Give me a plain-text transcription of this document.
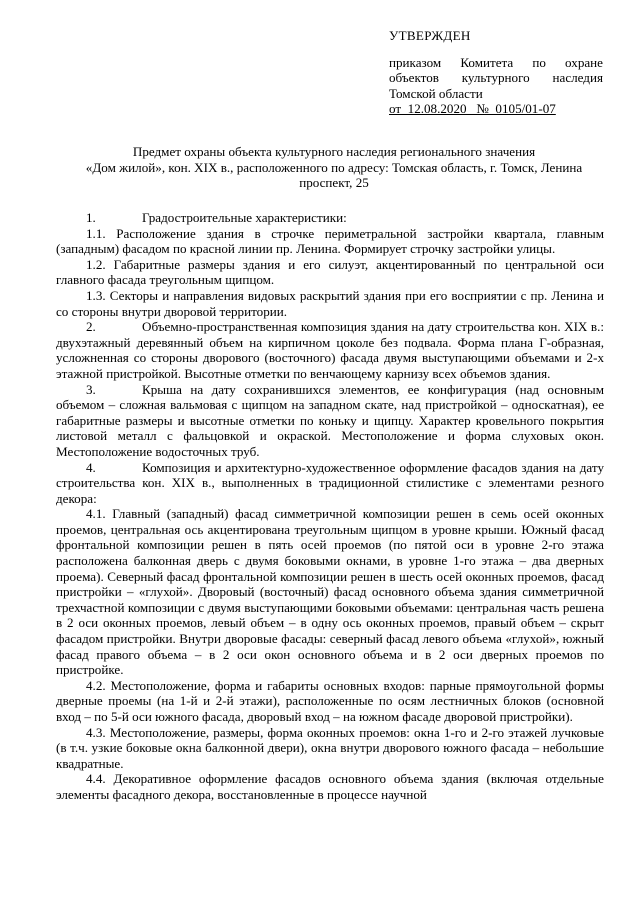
УТВЕРЖДЕН
приказом Комитета по охране
объектов культурного наследия
Томской области
от  12.08.2020   №  0105/01-07
Предмет охраны объекта культурного наследия регионального значения
«Дом жилой», кон. XIX в., расположенного по адресу: Томская область, г. Томск, Ленина
проспект, 25

1.	Градостроительные характеристики:

1.1. Расположение здания в строчке периметральной застройки квартала, главным (западным) фасадом по красной линии пр. Ленина. Формирует строчку застройки улицы.

1.2. Габаритные размеры здания и его силуэт, акцентированный по центральной оси главного фасада треугольным щипцом.

1.3. Секторы и направления видовых раскрытий здания при его восприятии с пр. Ленина и со стороны внутри дворовой территории.

2.	Объемно-пространственная композиция здания на дату строительства кон. XIX в.: двухэтажный деревянный объем на кирпичном цоколе без подвала. Форма плана Г-образная, усложненная со стороны дворового (восточного) фасада двумя выступающими объемами и 2-х этажной пристройкой. Высотные отметки по венчающему карнизу всех объемов здания.

3.	Крыша на дату сохранившихся элементов, ее конфигурация (над основным объемом – сложная вальмовая с щипцом на западном скате, над пристройкой – односкатная), ее габаритные размеры и высотные отметки по коньку и щипцу. Характер кровельного покрытия листовой металл с фальцовкой и окраской. Местоположение и форма слуховых окон. Местоположение водосточных труб.

4.	Композиция и архитектурно-художественное оформление фасадов здания на дату строительства кон. XIX в., выполненных в традиционной стилистике с элементами резного декора:

4.1. Главный (западный) фасад симметричной композиции решен в семь осей оконных проемов, центральная ось акцентирована треугольным щипцом в уровне крыши. Южный фасад фронтальной композиции решен в пять осей проемов (по пятой оси в уровне 2-го этажа расположена балконная дверь с двумя боковыми окнами, в уровне 1-го этажа – два дверных проема). Северный фасад фронтальной композиции решен в шесть осей оконных проемов, фасад пристройки – «глухой». Дворовый (восточный) фасад основного объема здания симметричной трехчастной композиции с двумя выступающими боковыми объемами: центральная часть решена в 2 оси оконных проемов, левый объем – в одну ось оконных проемов, правый объем – скрыт фасадом пристройки. Внутри дворовые фасады: северный фасад левого объема «глухой», южный фасад правого объема – в 2 оси окон основного объема и в 2 оси дверных проемов по пристройке.

4.2. Местоположение, форма и габариты основных входов: парные прямоугольной формы дверные проемы (на 1-й и 2-й этажи), расположенные по осям лестничных блоков (основной вход – по 5-й оси южного фасада, дворовый вход – на южном фасаде дворовой пристройки).

4.3. Местоположение, размеры, форма оконных проемов: окна 1-го и 2-го этажей лучковые (в т.ч. узкие боковые окна балконной двери), окна внутри дворового южного фасада – небольшие квадратные.

4.4. Декоративное оформление фасадов основного объема здания (включая отдельные элементы фасадного декора, восстановленные в процессе научной
